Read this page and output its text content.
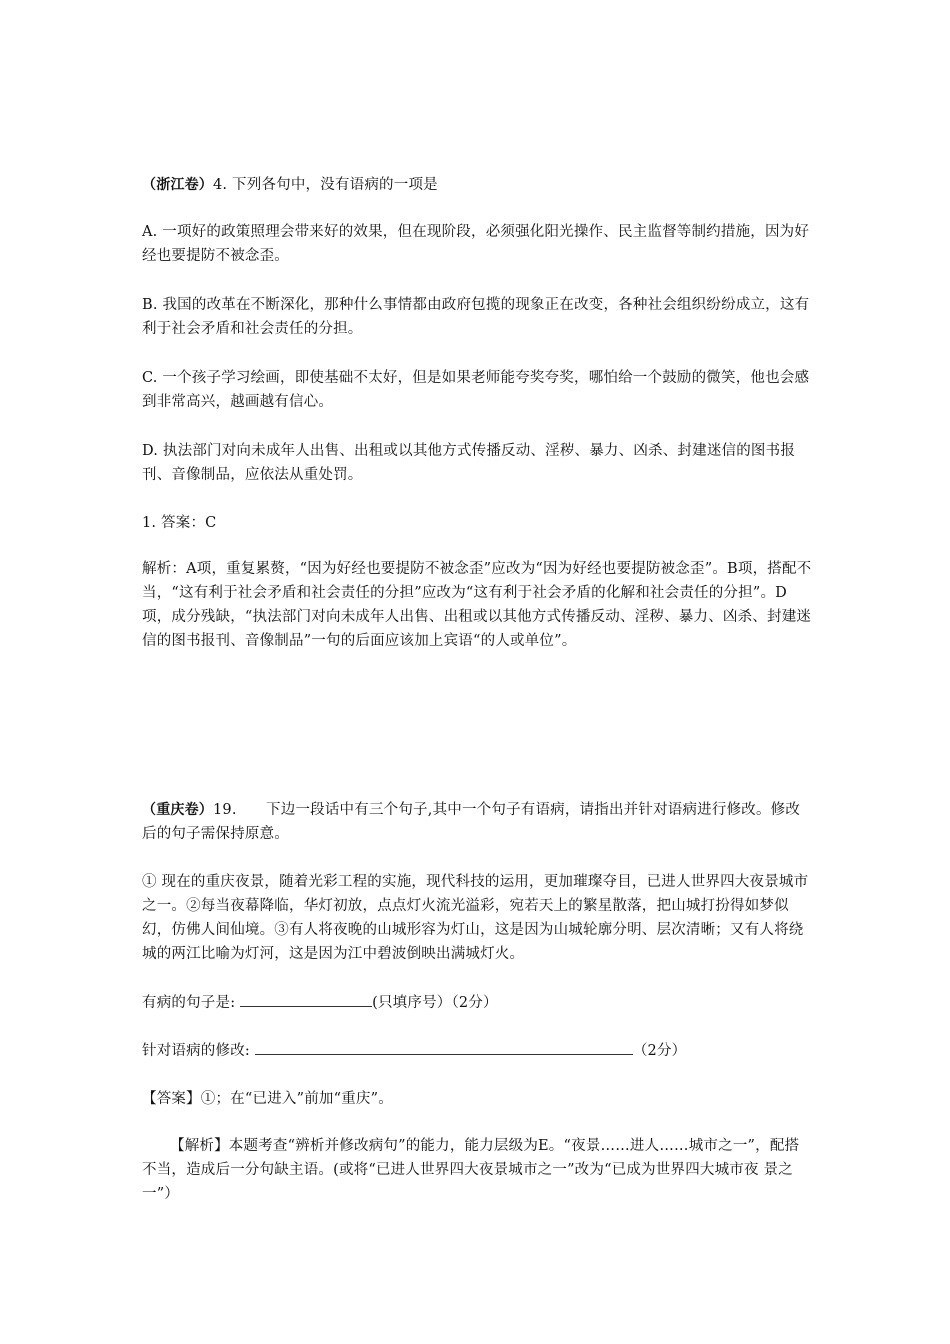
（浙江卷）4. 下列各句中，没有语病的一项是

A. 一项好的政策照理会带来好的效果，但在现阶段，必须强化阳光操作、民主监督等制约措施，因为好经也要提防不被念歪。

B. 我国的改革在不断深化，那种什么事情都由政府包揽的现象正在改变，各种社会组织纷纷成立，这有利于社会矛盾和社会责任的分担。

C. 一个孩子学习绘画，即使基础不太好，但是如果老师能夸奖夸奖，哪怕给一个鼓励的微笑，他也会感到非常高兴，越画越有信心。

D. 执法部门对向未成年人出售、出租或以其他方式传播反动、淫秽、暴力、凶杀、封建迷信的图书报刊、音像制品，应依法从重处罚。

1. 答案：C

解析：A项，重复累赘，“因为好经也要提防不被念歪”应改为“因为好经也要提防被念歪”。B项，搭配不当，“这有利于社会矛盾和社会责任的分担”应改为“这有利于社会矛盾的化解和社会责任的分担”。D项，成分残缺，“执法部门对向未成年人出售、出租或以其他方式传播反动、淫秽、暴力、凶杀、封建迷信的图书报刊、音像制品”一句的后面应该加上宾语“的人或单位”。

（重庆卷）19.　　下边一段话中有三个句子,其中一个句子有语病，请指出并针对语病进行修改。修改后的句子需保持原意。

① 现在的重庆夜景，随着光彩工程的实施，现代科技的运用，更加璀璨夺目，已进人世界四大夜景城市之一。②每当夜幕降临，华灯初放，点点灯火流光溢彩，宛若天上的繁星散落，把山城打扮得如梦似幻，仿佛人间仙境。③有人将夜晚的山城形容为灯山，这是因为山城轮廓分明、层次清晰；又有人将绕城的两江比喻为灯河，这是因为江中碧波倒映出满城灯火。

有病的句子是:	(只填序号）（2分）

针对语病的修改:	（2分）

【答案】①；在“已进入”前加“重庆”。

【解析】本题考查“辨析并修改病句”的能力，能力层级为E。“夜景……进人……城市之一”，配搭不当，造成后一分句缺主语。(或将“已进人世界四大夜景城市之一”改为“已成为世界四大城市夜 景之一”）
